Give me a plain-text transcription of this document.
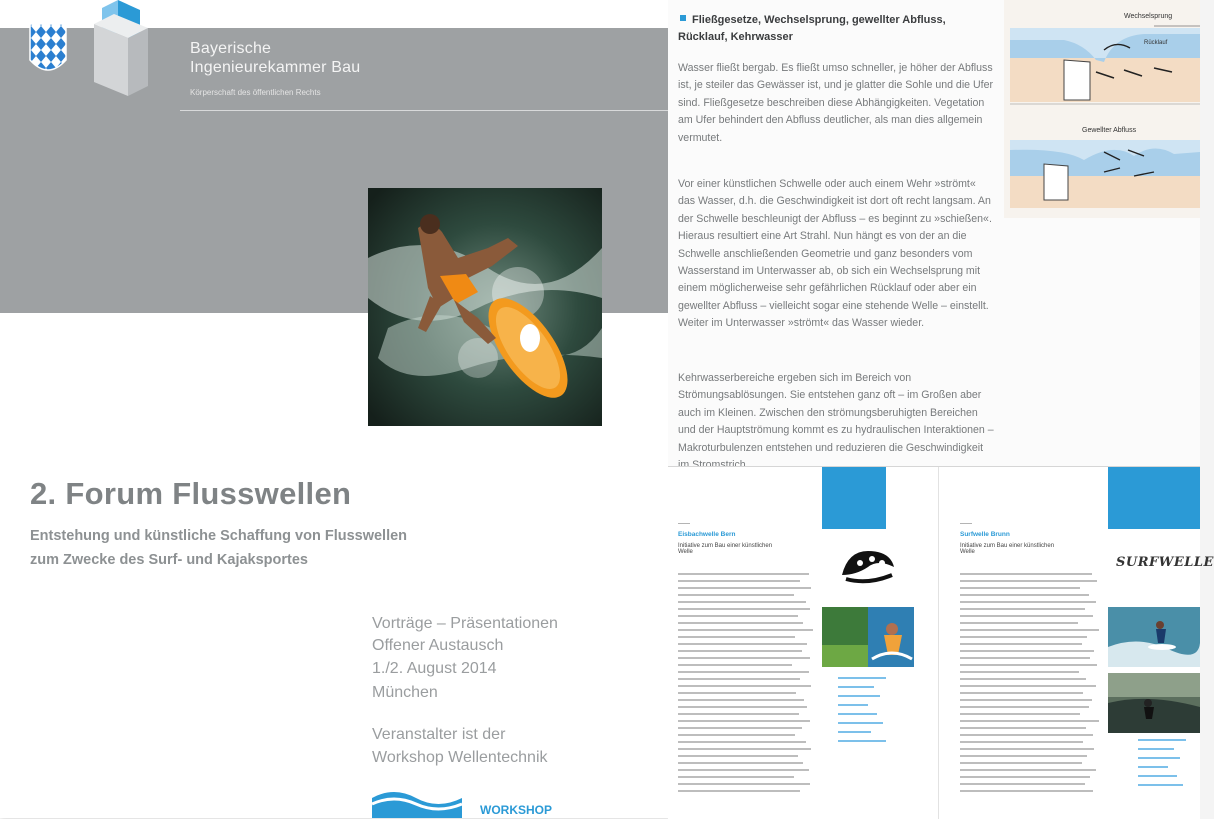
Bayerische
Ingenieurekammer Bau
Körperschaft des öffentlichen Rechts
2. Forum Flusswellen
Entstehung und künstliche Schaffung von Flusswellen
zum Zwecke des Surf- und Kajaksportes
Vorträge – Präsentationen
Offener Austausch
1./2. August 2014
München
Veranstalter ist der
Workshop Wellentechnik
WORKSHOP
Fließgesetze, Wechselsprung, gewellter Abfluss, Rücklauf, Kehrwasser
Wasser fließt bergab. Es fließt umso schneller, je höher der Abfluss ist, je steiler das Gewässer ist, und je glatter die Sohle und die Ufer sind. Fließgesetze beschreiben diese Abhängigkeiten. Vegetation am Ufer behindert den Abfluss deutlicher, als man dies allgemein vermutet.
Vor einer künstlichen Schwelle oder auch einem Wehr »strömt« das Wasser, d.h. die Geschwindigkeit ist dort oft recht langsam. An der Schwelle beschleunigt der Abfluss – es beginnt zu »schießen«. Hieraus resultiert eine Art Strahl. Nun hängt es von der an die Schwelle anschließenden Geometrie und ganz besonders vom Wasserstand im Unterwasser ab, ob sich ein Wechselsprung mit einem möglicherweise sehr gefährlichen Rücklauf oder aber ein gewellter Abfluss – vielleicht sogar eine stehende Welle – einstellt. Weiter im Unterwasser »strömt« das Wasser wieder.
Kehrwasserbereiche ergeben sich im Bereich von Strömungsablösungen. Sie entstehen ganz oft – im Großen aber auch im Kleinen. Zwischen den strömungsberuhigten Bereichen und der Hauptströmung kommt es zu hydraulischen Interaktionen – Makroturbulenzen entstehen und reduzieren die Geschwindigkeit
Wechselsprung
Rücklauf
Gewellter Abfluss
——
Eisbachwelle Bern
Initiative zum Bau einer künstlichen Welle
——
Surfwelle Brunn
Initiative zum Bau einer künstlichen Welle
SURFWELLE
